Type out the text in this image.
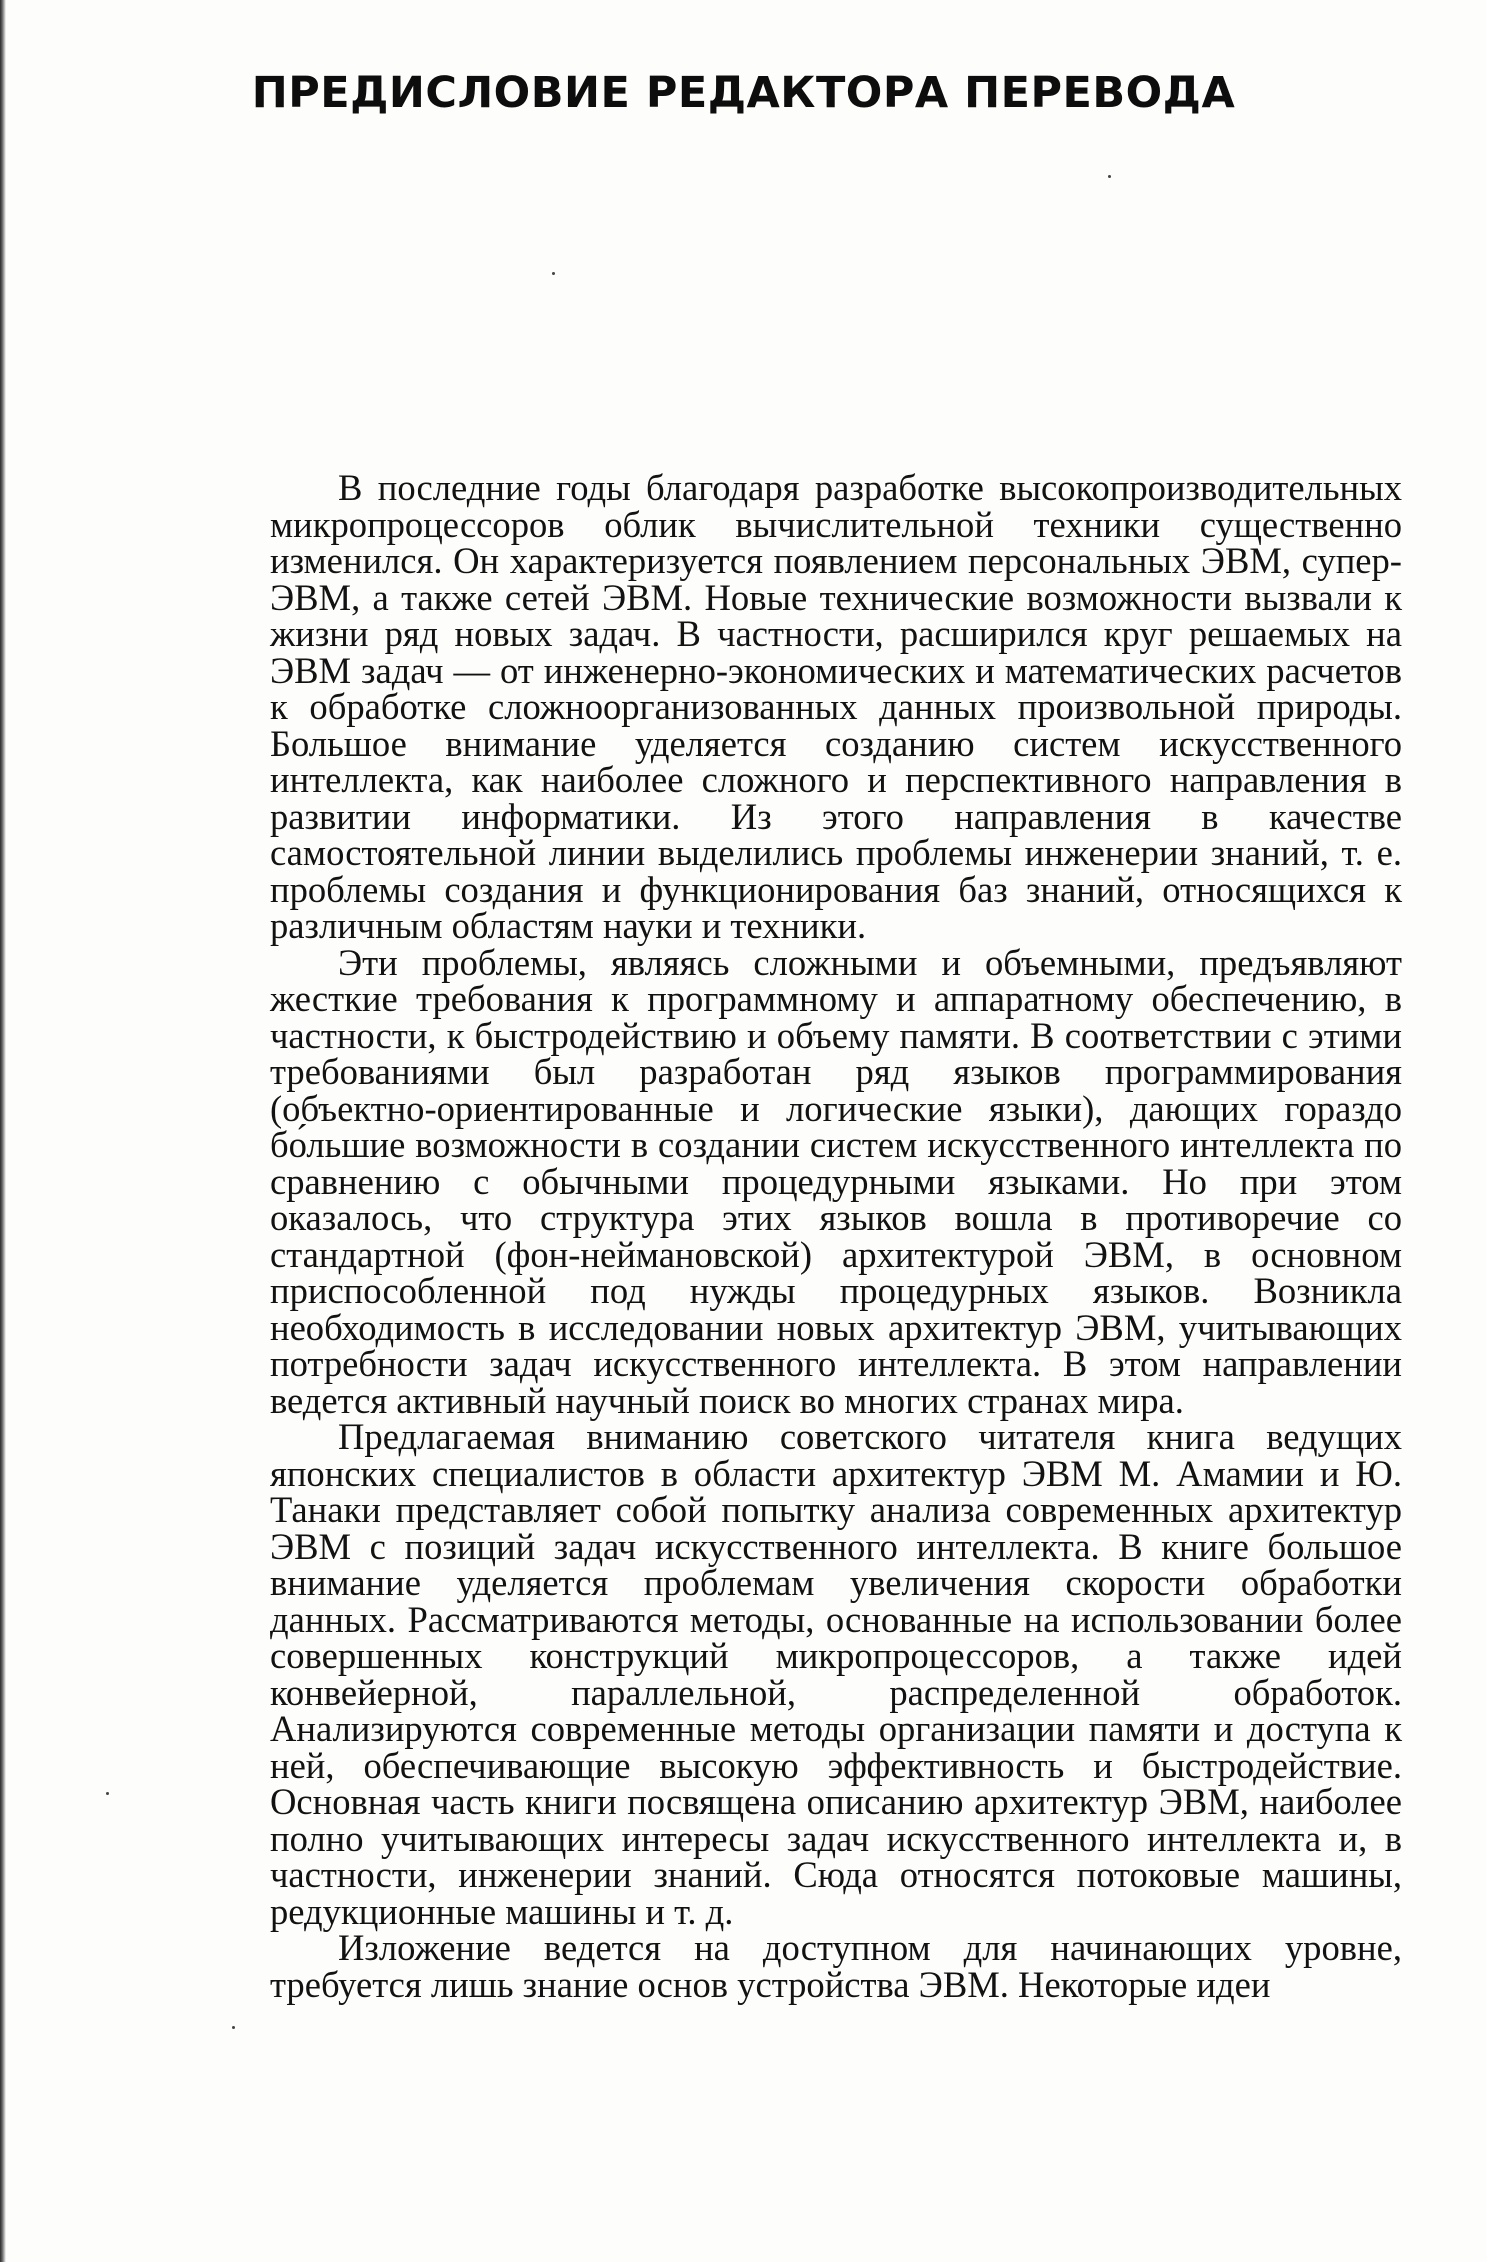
ПРЕДИСЛОВИЕ РЕДАКТОРА ПЕРЕВОДА

В последние годы благодаря разработке высокопроизводительных микропроцессоров облик вычислительной техники существенно изменился. Он характеризуется появлением персональных ЭВМ, супер-ЭВМ, а также сетей ЭВМ. Новые технические возможности вызвали к жизни ряд новых задач. В частности, расширился круг решаемых на ЭВМ задач — от инженерно-экономических и математических расчетов к обработке сложноорганизованных данных произвольной природы. Большое внимание уделяется созданию систем искусственного интеллекта, как наиболее сложного и перспективного направления в развитии информатики. Из этого направления в качестве самостоятельной линии выделились проблемы инженерии знаний, т. е. проблемы создания и функционирования баз знаний, относящихся к различным областям науки и техники.

Эти проблемы, являясь сложными и объемными, предъявляют жесткие требования к программному и аппаратному обеспечению, в частности, к быстродействию и объему памяти. В соответствии с этими требованиями был разработан ряд языков программирования (объектно-ориентированные и логические языки), дающих гораздо бо́льшие возможности в создании систем искусственного интеллекта по сравнению с обычными процедурными языками. Но при этом оказалось, что структура этих языков вошла в противоречие со стандартной (фон-неймановской) архитектурой ЭВМ, в основном приспособленной под нужды процедурных языков. Возникла необходимость в исследовании новых архитектур ЭВМ, учитывающих потребности задач искусственного интеллекта. В этом направлении ведется активный научный поиск во многих странах мира.

Предлагаемая вниманию советского читателя книга ведущих японских специалистов в области архитектур ЭВМ М. Амамии и Ю. Танаки представляет собой попытку анализа современных архитектур ЭВМ с позиций задач искусственного интеллекта. В книге большое внимание уделяется проблемам увеличения скорости обработки данных. Рассматриваются методы, основанные на использовании более совершенных конструкций микропроцессоров, а также идей конвейерной, параллельной, распределенной обработок. Анализируются современные методы организации памяти и доступа к ней, обеспечивающие высокую эффективность и быстродействие. Основная часть книги посвящена описанию архитектур ЭВМ, наиболее полно учитывающих интересы задач искусственного интеллекта и, в частности, инженерии знаний. Сюда относятся потоковые машины, редукционные машины и т. д.

Изложение ведется на доступном для начинающих уровне, требуется лишь знание основ устройства ЭВМ. Некоторые идеи
